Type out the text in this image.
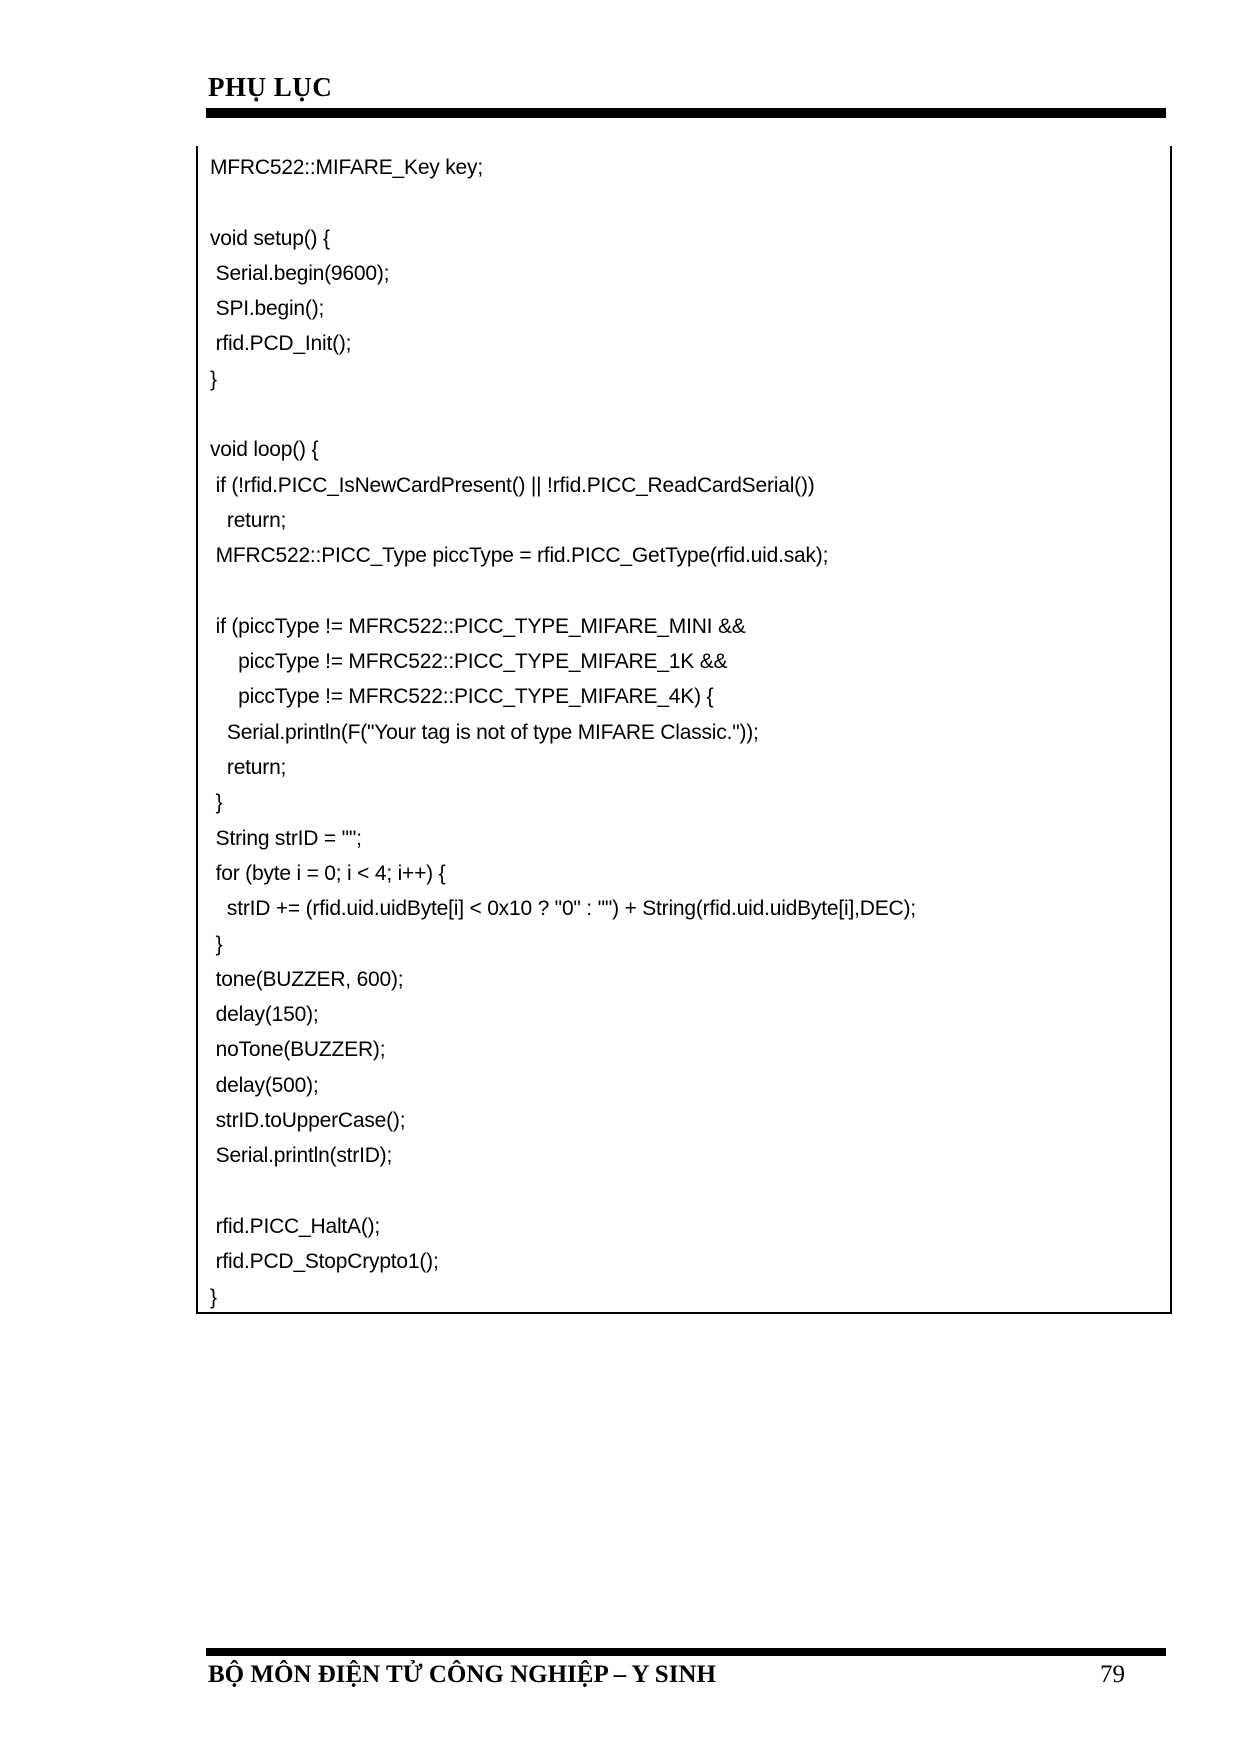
PHỤ LỤC
MFRC522::MIFARE_Key key;
void setup() {
Serial.begin(9600);
SPI.begin();
rfid.PCD_Init();
}
void loop() {
if (!rfid.PICC_IsNewCardPresent() || !rfid.PICC_ReadCardSerial())
return;
MFRC522::PICC_Type piccType = rfid.PICC_GetType(rfid.uid.sak);
if (piccType != MFRC522::PICC_TYPE_MIFARE_MINI &&
piccType != MFRC522::PICC_TYPE_MIFARE_1K &&
piccType != MFRC522::PICC_TYPE_MIFARE_4K) {
Serial.println(F("Your tag is not of type MIFARE Classic."));
return;
}
String strID = "";
for (byte i = 0; i < 4; i++) {
strID += (rfid.uid.uidByte[i] < 0x10 ? "0" : "") + String(rfid.uid.uidByte[i],DEC);
}
tone(BUZZER, 600);
delay(150);
noTone(BUZZER);
delay(500);
strID.toUpperCase();
Serial.println(strID);
rfid.PICC_HaltA();
rfid.PCD_StopCrypto1();
}
BỘ MÔN ĐIỆN TỬ CÔNG NGHIỆP – Y SINH	79
